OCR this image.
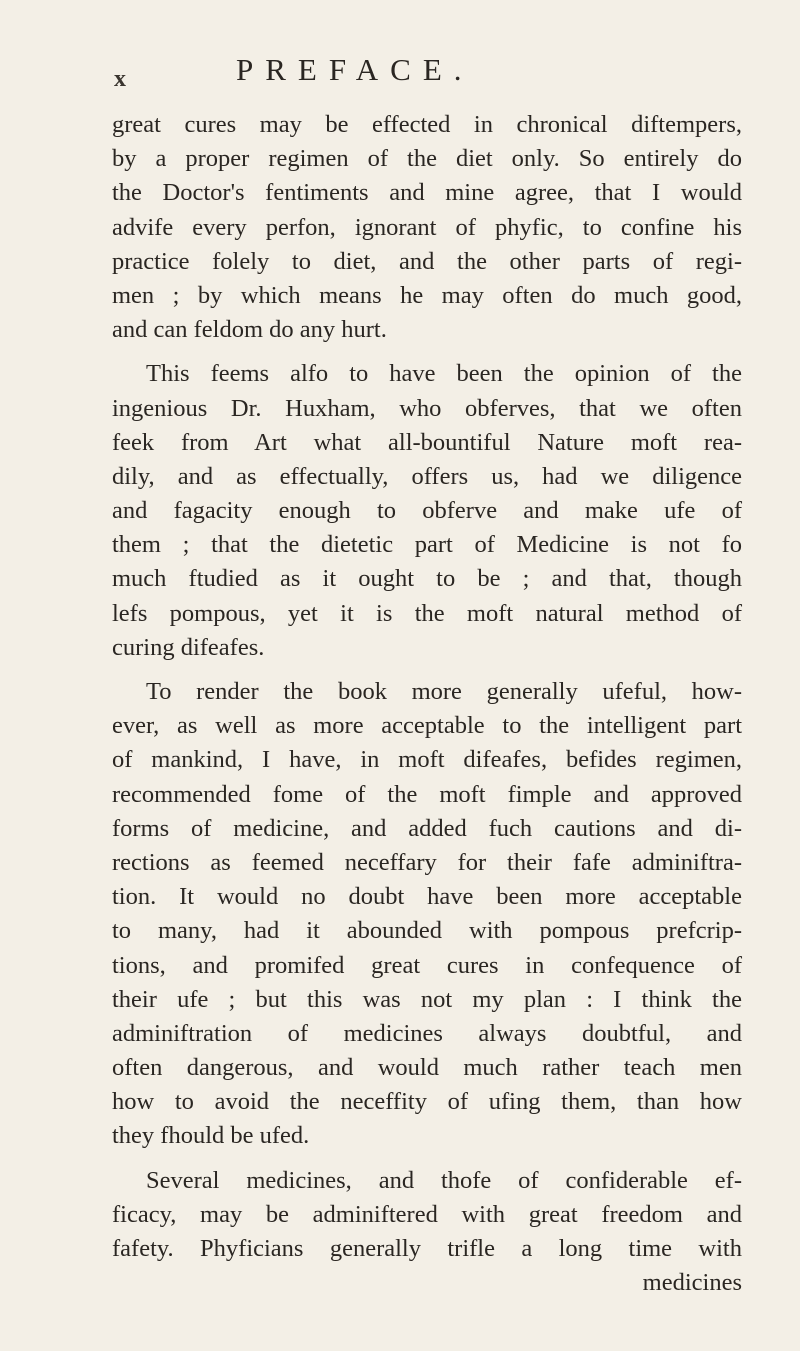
x	PREFACE.
great cures may be effected in chronical diftempers,
by a proper regimen of the diet only. So entirely do
the Doctor's fentiments and mine agree, that I would
advife every perfon, ignorant of phyfic, to confine his
practice folely to diet, and the other parts of regi-
men ; by which means he may often do much good,
and can feldom do any hurt.
This feems alfo to have been the opinion of the
ingenious Dr. Huxham, who obferves, that we often
feek from Art what all-bountiful Nature moft rea-
dily, and as effectually, offers us, had we diligence
and fagacity enough to obferve and make ufe of
them ; that the dietetic part of Medicine is not fo
much ftudied as it ought to be ; and that, though
lefs pompous, yet it is the moft natural method of
curing difeafes.
To render the book more generally ufeful, how-
ever, as well as more acceptable to the intelligent part
of mankind, I have, in moft difeafes, befides regimen,
recommended fome of the moft fimple and approved
forms of medicine, and added fuch cautions and di-
rections as feemed neceffary for their fafe adminiftra-
tion. It would no doubt have been more acceptable
to many, had it abounded with pompous prefcrip-
tions, and promifed great cures in confequence of
their ufe ; but this was not my plan : I think the
adminiftration of medicines always doubtful, and
often dangerous, and would much rather teach men
how to avoid the neceffity of ufing them, than how
they fhould be ufed.
Several medicines, and thofe of confiderable ef-
ficacy, may be adminiftered with great freedom and
fafety. Phyficians generally trifle a long time with
medicines
